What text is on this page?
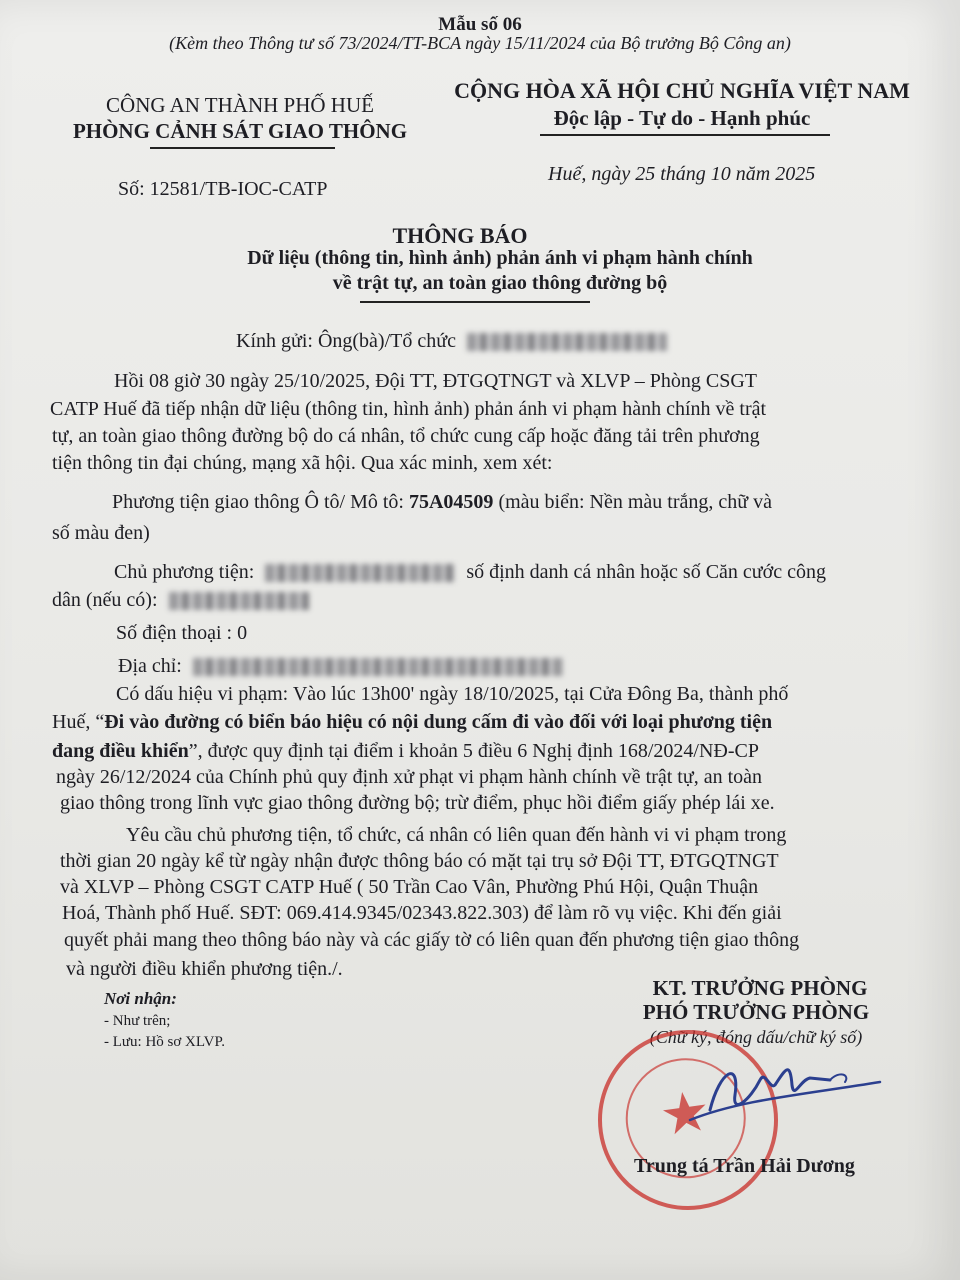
Mẫu số 06
(Kèm theo Thông tư số 73/2024/TT-BCA ngày 15/11/2024 của Bộ trưởng Bộ Công an)
CÔNG AN THÀNH PHỐ HUẾ
PHÒNG CẢNH SÁT GIAO THÔNG
CỘNG HÒA XÃ HỘI CHỦ NGHĨA VIỆT NAM
Độc lập - Tự do - Hạnh phúc
Số: 12581/TB-IOC-CATP
Huế, ngày 25 tháng 10 năm 2025
THÔNG BÁO
Dữ liệu (thông tin, hình ảnh) phản ánh vi phạm hành chính
về trật tự, an toàn giao thông đường bộ
Kính gửi: Ông(bà)/Tổ chức
Hồi 08 giờ 30 ngày 25/10/2025, Đội TT, ĐTGQTNGT và XLVP – Phòng CSGT
CATP Huế đã tiếp nhận dữ liệu (thông tin, hình ảnh) phản ánh vi phạm hành chính về trật
tự, an toàn giao thông đường bộ do cá nhân, tổ chức cung cấp hoặc đăng tải trên phương
tiện thông tin đại chúng, mạng xã hội. Qua xác minh, xem xét:
Phương tiện giao thông Ô tô/ Mô tô: 75A04509 (màu biển: Nền màu trắng, chữ và
số màu đen)
Chủ phương tiện:	số định danh cá nhân hoặc số Căn cước công
dân (nếu có):
Số điện thoại : 0
Địa chỉ:
Có dấu hiệu vi phạm: Vào lúc 13h00' ngày 18/10/2025, tại Cửa Đông Ba, thành phố
Huế, “Đi vào đường có biển báo hiệu có nội dung cấm đi vào đối với loại phương tiện
đang điều khiển”, được quy định tại điểm i khoản 5 điều 6 Nghị định 168/2024/NĐ-CP
ngày 26/12/2024 của Chính phủ quy định xử phạt vi phạm hành chính về trật tự, an toàn
giao thông trong lĩnh vực giao thông đường bộ; trừ điểm, phục hồi điểm giấy phép lái xe.
Yêu cầu chủ phương tiện, tổ chức, cá nhân có liên quan đến hành vi vi phạm trong
thời gian 20 ngày kể từ ngày nhận được thông báo có mặt tại trụ sở Đội TT, ĐTGQTNGT
và XLVP – Phòng CSGT CATP Huế ( 50 Trần Cao Vân, Phường Phú Hội, Quận Thuận
Hoá, Thành phố Huế. SĐT: 069.414.9345/02343.822.303) để làm rõ vụ việc. Khi đến giải
quyết phải mang theo thông báo này và các giấy tờ có liên quan đến phương tiện giao thông
và người điều khiển phương tiện./.
Nơi nhận:
- Như trên;
- Lưu: Hồ sơ XLVP.
KT. TRƯỞNG PHÒNG
PHÓ TRƯỞNG PHÒNG
(Chữ ký, đóng dấu/chữ ký số)
★
Trung tá Trần Hải Dương
